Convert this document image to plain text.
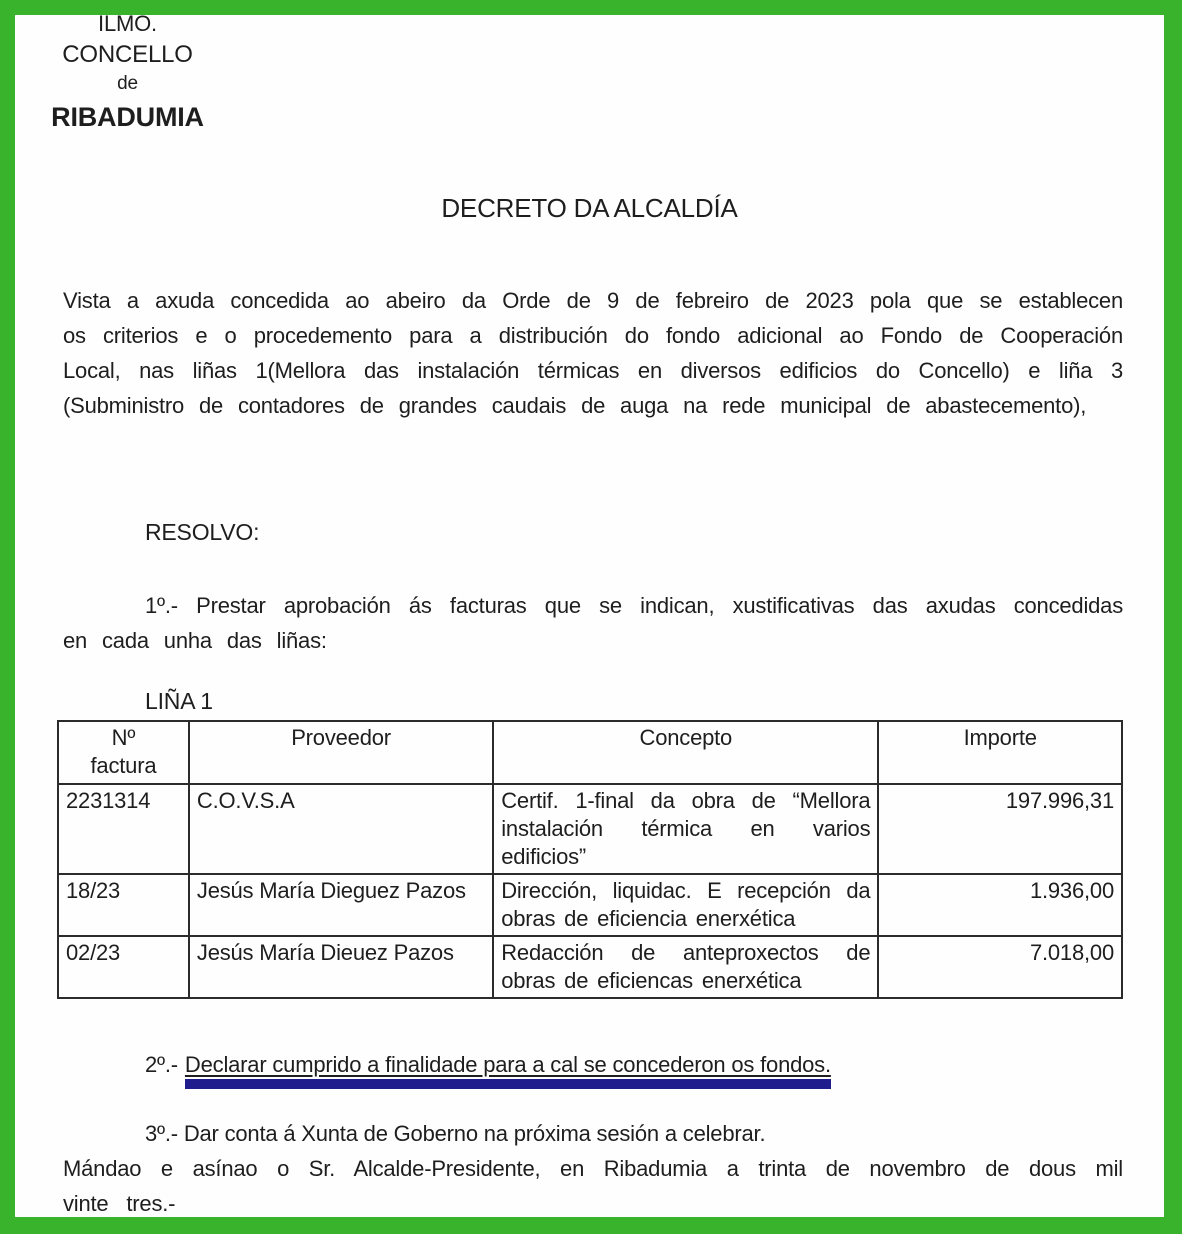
ILMO.
CONCELLO
de
RIBADUMIA
DECRETO DA ALCALDÍA

Vista a axuda concedida ao abeiro da Orde de 9 de febreiro de 2023 pola que se establecen os criterios e o procedemento para a distribución do fondo adicional ao Fondo de Cooperación Local, nas liñas 1(Mellora das instalación térmicas en diversos edificios do Concello) e liña 3 (Subministro de contadores de grandes caudais de auga na rede municipal de abastecemento),

RESOLVO:

1º.- Prestar aprobación ás facturas que se indican, xustificativas das axudas concedidas en cada unha das liñas:

LIÑA 1
Nº factura	Proveedor	Concepto	Importe
2231314	C.O.V.S.A	Certif. 1-final da obra de “Mellora instalación térmica en varios edificios”	197.996,31
18/23	Jesús María Dieguez Pazos	Dirección, liquidac. E recepción da obras de eficiencia enerxética	1.936,00
02/23	Jesús María Dieuez Pazos	Redacción de anteproxectos de obras de eficiencas enerxética	7.018,00

2º.- Declarar cumprido a finalidade para a cal se concederon os fondos.

3º.- Dar conta á Xunta de Goberno na próxima sesión a celebrar.

Mándao e asínao o Sr. Alcalde-Presidente, en Ribadumia a trinta de novembro de dous mil vinte tres.-
